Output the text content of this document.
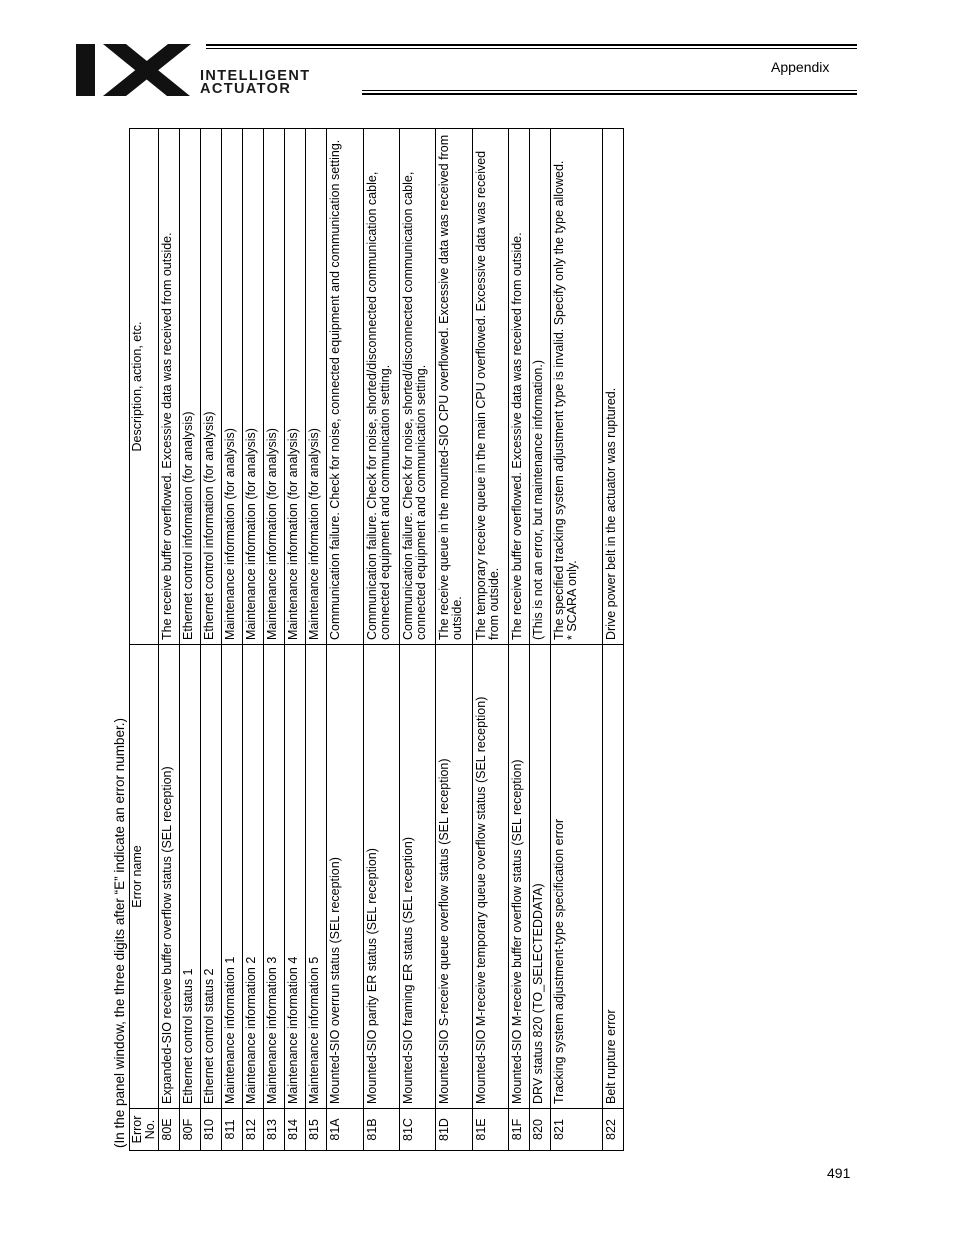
INTELLIGENT
ACTUATOR
Appendix
(In the panel window, the three digits after “E” indicate an error number.) Error No.	Error name	Description, action, etc.
80E	Expanded-SIO receive buffer overflow status (SEL reception)	The receive buffer overflowed. Excessive data was received from outside.
80F	Ethernet control status 1	Ethernet control information (for analysis)
810	Ethernet control status 2	Ethernet control information (for analysis)
811	Maintenance information 1	Maintenance information (for analysis)
812	Maintenance information 2	Maintenance information (for analysis)
813	Maintenance information 3	Maintenance information (for analysis)
814	Maintenance information 4	Maintenance information (for analysis)
815	Maintenance information 5	Maintenance information (for analysis)
81A	Mounted-SIO overrun status (SEL reception)	Communication failure. Check for noise, connected equipment and communication setting.
81B	Mounted-SIO parity ER status (SEL reception)	Communication failure. Check for noise, shorted/disconnected communication cable, connected equipment and communication setting.
81C	Mounted-SIO framing ER status (SEL reception)	Communication failure. Check for noise, shorted/disconnected communication cable, connected equipment and communication setting.
81D	Mounted-SIO S-receive queue overflow status (SEL reception)	The receive queue in the mounted-SIO CPU overflowed. Excessive data was received from outside.
81E	Mounted-SIO M-receive temporary queue overflow status (SEL reception)	The temporary receive queue in the main CPU overflowed. Excessive data was received from outside.
81F	Mounted-SIO M-receive buffer overflow status (SEL reception)	The receive buffer overflowed. Excessive data was received from outside.
820	DRV status 820 (TO_SELECTEDDATA)	(This is not an error, but maintenance information.)
821	Tracking system adjustment-type specification error	The specified tracking system adjustment type is invalid. Specify only the type allowed.
* SCARA only.
822	Belt rupture error	Drive power belt in the actuator was ruptured.
491
